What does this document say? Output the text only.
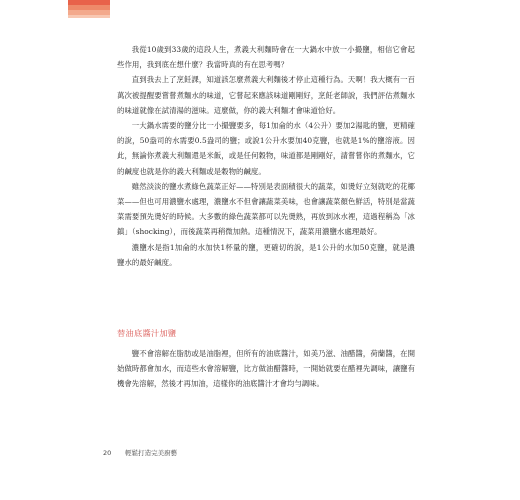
我從10歲到33歲的這段人生，煮義大利麵時會在一大鍋水中放一小撮鹽，相信它會起些作用，我到底在想什麼？我當時真的有在思考嗎？

直到我去上了烹飪課，知道該怎麼煮義大利麵後才停止這種行為。天啊！我大概有一百萬次被提醒要嘗嘗煮麵水的味道，它嘗起來應該味道剛剛好，烹飪老師說，我們評估煮麵水的味道就像在試清湯的滋味。這麼做，你的義大利麵才會味道恰好。

一大鍋水需要的鹽分比一小撮鹽要多，每1加侖的水（4公升）要加2湯匙的鹽，更精確的說，50盎司的水需要0.5盎司的鹽；或說1公升水要加40克鹽，也就是1%的鹽溶液。因此，無論你煮義大利麵還是米飯，或是任何穀物，味道都是剛剛好，請嘗嘗你的煮麵水，它的鹹度也就是你的義大利麵或是穀物的鹹度。

雖然淡淡的鹽水煮綠色蔬菜正好——特別是表面積很大的蔬菜，如燙好立刻就吃的花椰菜——但也可用濃鹽水處理，濃鹽水不但會讓蔬菜美味，也會讓蔬菜顏色鮮活，特別是當蔬菜需要預先燙好的時候。大多數的綠色蔬菜都可以先燙熟，再放到冰水裡，這過程稱為「冰鎮」（shocking），而後蔬菜再稍微加熱。這種情況下，蔬菜用濃鹽水處理最好。

濃鹽水是指1加侖的水加快1杯量的鹽，更確切的說，是1公升的水加50克鹽，就是濃鹽水的最好鹹度。

替油底醬汁加鹽

鹽不會溶解在脂肪或是油脂裡，但所有的油底醬汁，如美乃滋、油醋醬，荷蘭醬，在開始做時都會加水，而這些水會溶解鹽，比方做油醋醬時，一開始就要在醋裡先調味，讓鹽有機會先溶解，然後才再加油，這樣你的油底醬汁才會均勻調味。

20 輕鬆打造完美廚藝
